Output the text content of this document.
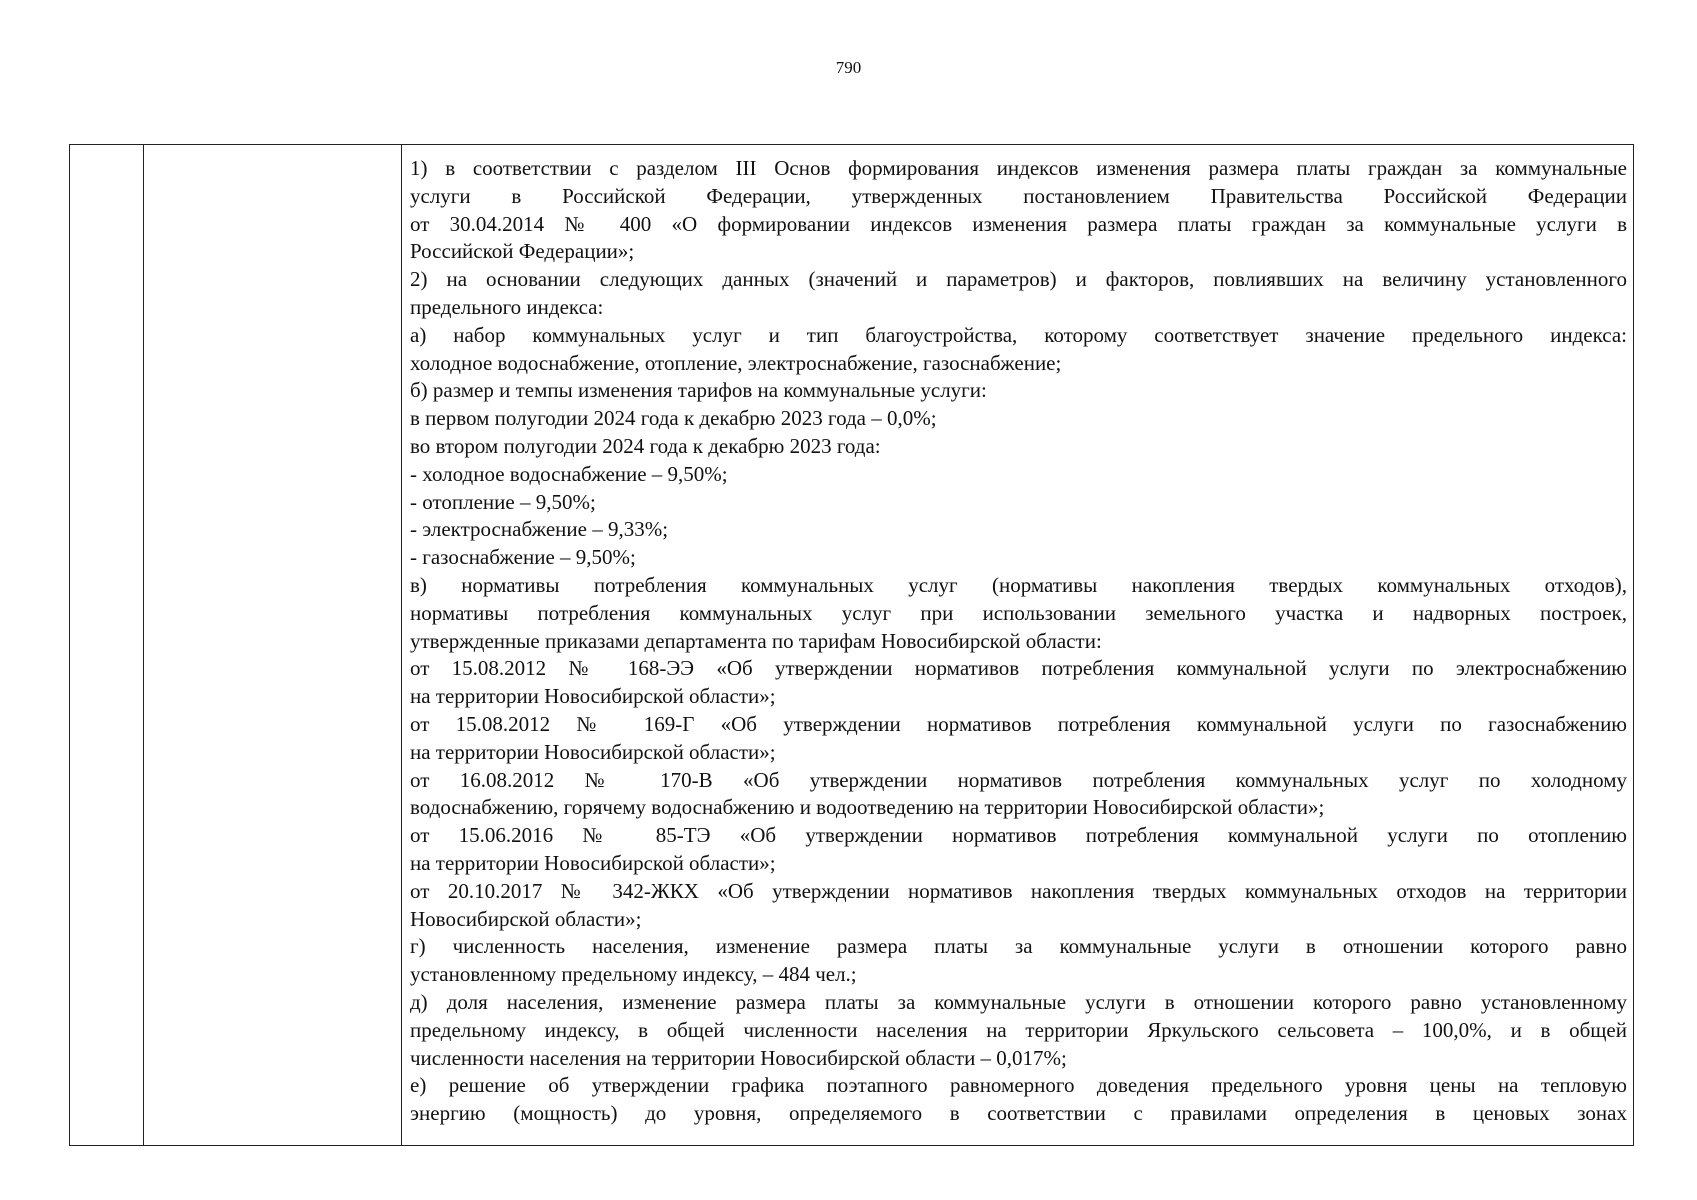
790
1) в соответствии с разделом III Основ формирования индексов изменения размера платы граждан за коммунальные
услуги в Российской Федерации, утвержденных постановлением Правительства Российской Федерации
от 30.04.2014 № 400 «О формировании индексов изменения размера платы граждан за коммунальные услуги в
Российской Федерации»;
2) на основании следующих данных (значений и параметров) и факторов, повлиявших на величину установленного
предельного индекса:
а) набор коммунальных услуг и тип благоустройства, которому соответствует значение предельного индекса:
холодное водоснабжение, отопление, электроснабжение, газоснабжение;
б) размер и темпы изменения тарифов на коммунальные услуги:
в первом полугодии 2024 года к декабрю 2023 года – 0,0%;
во втором полугодии 2024 года к декабрю 2023 года:
- холодное водоснабжение – 9,50%;
- отопление – 9,50%;
- электроснабжение – 9,33%;
- газоснабжение – 9,50%;
в) нормативы потребления коммунальных услуг (нормативы накопления твердых коммунальных отходов),
нормативы потребления коммунальных услуг при использовании земельного участка и надворных построек,
утвержденные приказами департамента по тарифам Новосибирской области:
от 15.08.2012 № 168-ЭЭ «Об утверждении нормативов потребления коммунальной услуги по электроснабжению
на территории Новосибирской области»;
от 15.08.2012 № 169-Г «Об утверждении нормативов потребления коммунальной услуги по газоснабжению
на территории Новосибирской области»;
от 16.08.2012 № 170-В «Об утверждении нормативов потребления коммунальных услуг по холодному
водоснабжению, горячему водоснабжению и водоотведению на территории Новосибирской области»;
от 15.06.2016 № 85-ТЭ «Об утверждении нормативов потребления коммунальной услуги по отоплению
на территории Новосибирской области»;
от 20.10.2017 № 342-ЖКХ «Об утверждении нормативов накопления твердых коммунальных отходов на территории
Новосибирской области»;
г) численность населения, изменение размера платы за коммунальные услуги в отношении которого равно
установленному предельному индексу, – 484 чел.;
д) доля населения, изменение размера платы за коммунальные услуги в отношении которого равно установленному
предельному индексу, в общей численности населения на территории Яркульского сельсовета – 100,0%, и в общей
численности населения на территории Новосибирской области – 0,017%;
е) решение об утверждении графика поэтапного равномерного доведения предельного уровня цены на тепловую
энергию (мощность) до уровня, определяемого в соответствии с правилами определения в ценовых зонах
